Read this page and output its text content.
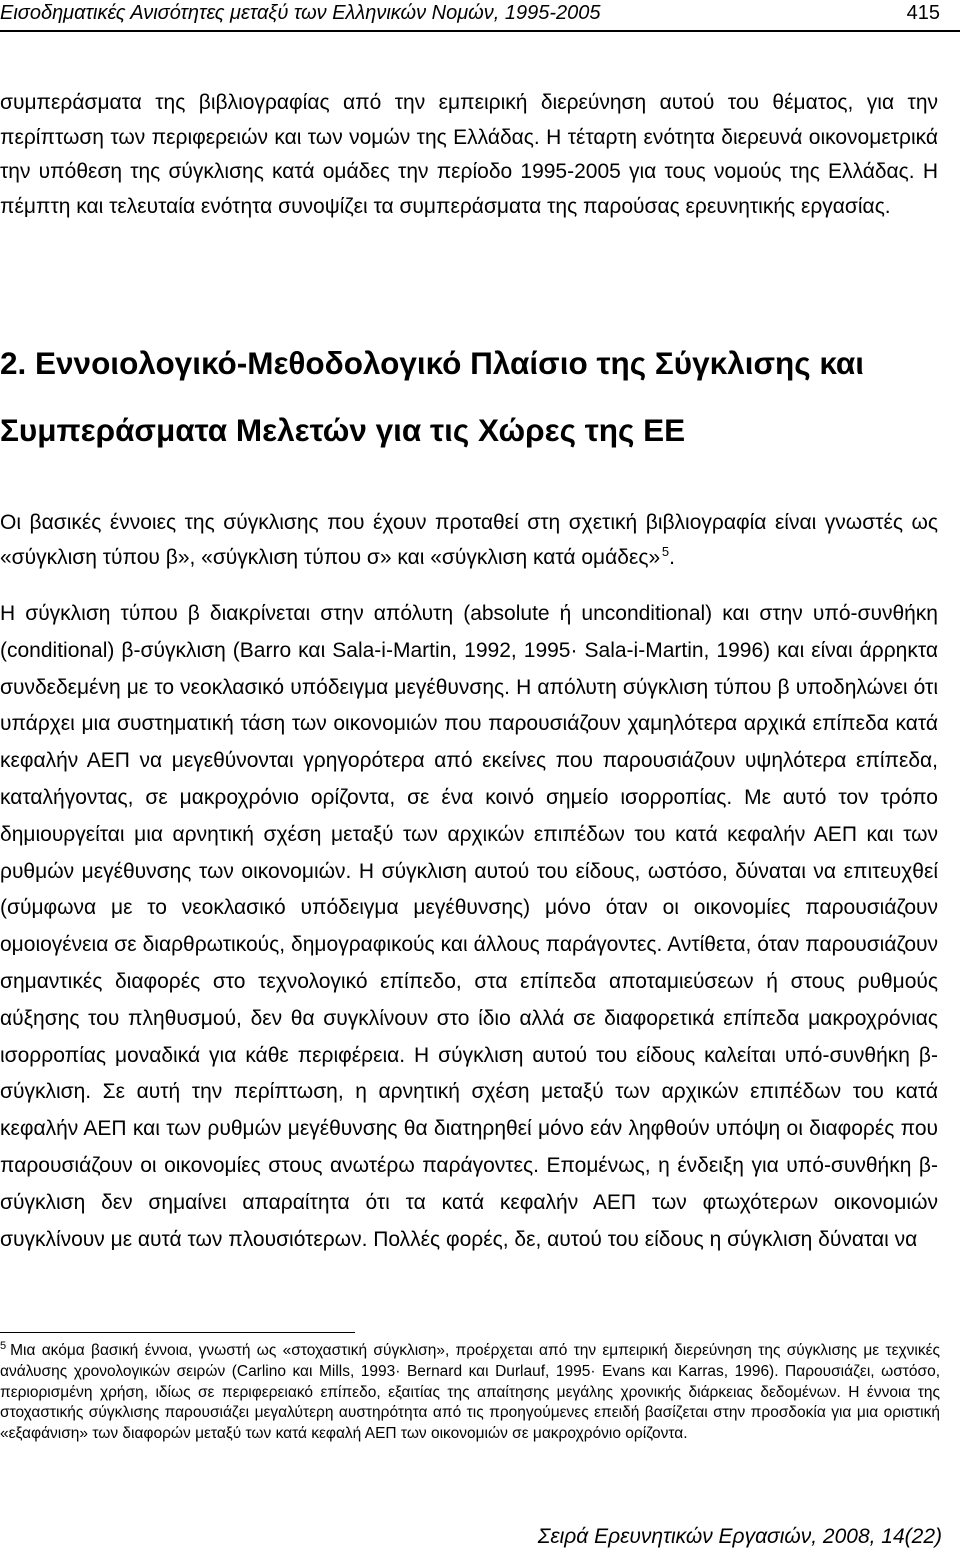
Εισοδηματικές Ανισότητες μεταξύ των Ελληνικών Νομών, 1995-2005	415

συμπεράσματα της βιβλιογραφίας από την εμπειρική διερεύνηση αυτού του θέματος, για την περίπτωση των περιφερειών και των νομών της Ελλάδας. Η τέταρτη ενότητα διερευνά οικονομετρικά την υπόθεση της σύγκλισης κατά ομάδες την περίοδο 1995-2005 για τους νομούς της Ελλάδας. Η πέμπτη και τελευταία ενότητα συνοψίζει τα συμπεράσματα της παρούσας ερευνητικής εργασίας.

2. Εννοιολογικό-Μεθοδολογικό Πλαίσιο της Σύγκλισης και Συμπεράσματα Μελετών για τις Χώρες της ΕΕ

Οι βασικές έννοιες της σύγκλισης που έχουν προταθεί στη σχετική βιβλιογραφία είναι γνωστές ως «σύγκλιση τύπου β», «σύγκλιση τύπου σ» και «σύγκλιση κατά ομάδες»  $^5$.

Η σύγκλιση τύπου β διακρίνεται στην απόλυτη (absolute ή unconditional) και στην υπό-συνθήκη (conditional) β-σύγκλιση (Barro και Sala-i-Martin, 1992, 1995· Sala-i-Martin, 1996) και είναι άρρηκτα συνδεδεμένη με το νεοκλασικό υπόδειγμα μεγέθυνσης. Η απόλυτη σύγκλιση τύπου β υποδηλώνει ότι υπάρχει μια συστηματική τάση των οικονομιών που παρουσιάζουν χαμηλότερα αρχικά επίπεδα κατά κεφαλήν ΑΕΠ να μεγεθύνονται γρηγορότερα από εκείνες που παρουσιάζουν υψηλότερα επίπεδα, καταλήγοντας, σε μακροχρόνιο ορίζοντα, σε ένα κοινό σημείο ισορροπίας. Με αυτό τον τρόπο δημιουργείται μια αρνητική σχέση μεταξύ των αρχικών επιπέδων του κατά κεφαλήν ΑΕΠ και των ρυθμών μεγέθυνσης των οικονομιών. Η σύγκλιση αυτού του είδους, ωστόσο, δύναται να επιτευχθεί (σύμφωνα με το νεοκλασικό υπόδειγμα μεγέθυνσης) μόνο όταν οι οικονομίες παρουσιάζουν ομοιογένεια σε διαρθρωτικούς, δημογραφικούς και άλλους παράγοντες. Αντίθετα, όταν παρουσιάζουν σημαντικές διαφορές στο τεχνολογικό επίπεδο, στα επίπεδα αποταμιεύσεων ή στους ρυθμούς αύξησης του πληθυσμού, δεν θα συγκλίνουν στο ίδιο αλλά σε διαφορετικά επίπεδα μακροχρόνιας ισορροπίας μοναδικά για κάθε περιφέρεια. Η σύγκλιση αυτού του είδους καλείται υπό-συνθήκη β-σύγκλιση. Σε αυτή την περίπτωση, η αρνητική σχέση μεταξύ των αρχικών επιπέδων του κατά κεφαλήν ΑΕΠ και των ρυθμών μεγέθυνσης θα διατηρηθεί μόνο εάν ληφθούν υπόψη οι διαφορές που παρουσιάζουν οι οικονομίες στους ανωτέρω παράγοντες. Επομένως, η ένδειξη για υπό-συνθήκη β-σύγκλιση δεν σημαίνει απαραίτητα ότι τα κατά κεφαλήν ΑΕΠ των φτωχότερων οικονομιών συγκλίνουν με αυτά των πλουσιότερων. Πολλές φορές, δε, αυτού του είδους η σύγκλιση δύναται να

$^5$ Μια ακόμα βασική έννοια, γνωστή ως «στοχαστική σύγκλιση», προέρχεται από την εμπειρική διερεύνηση της σύγκλισης με τεχνικές ανάλυσης χρονολογικών σειρών (Carlino και Mills, 1993· Bernard και Durlauf, 1995· Evans και Karras, 1996). Παρουσιάζει, ωστόσο, περιορισμένη χρήση, ιδίως σε περιφερειακό επίπεδο, εξαιτίας της απαίτησης μεγάλης χρονικής διάρκειας δεδομένων. Η έννοια της στοχαστικής σύγκλισης παρουσιάζει μεγαλύτερη αυστηρότητα από τις προηγούμενες επειδή βασίζεται στην προσδοκία για μια οριστική «εξαφάνιση» των διαφορών μεταξύ των κατά κεφαλή ΑΕΠ των οικονομιών σε μακροχρόνιο ορίζοντα.

Σειρά Ερευνητικών Εργασιών, 2008, 14(22)
